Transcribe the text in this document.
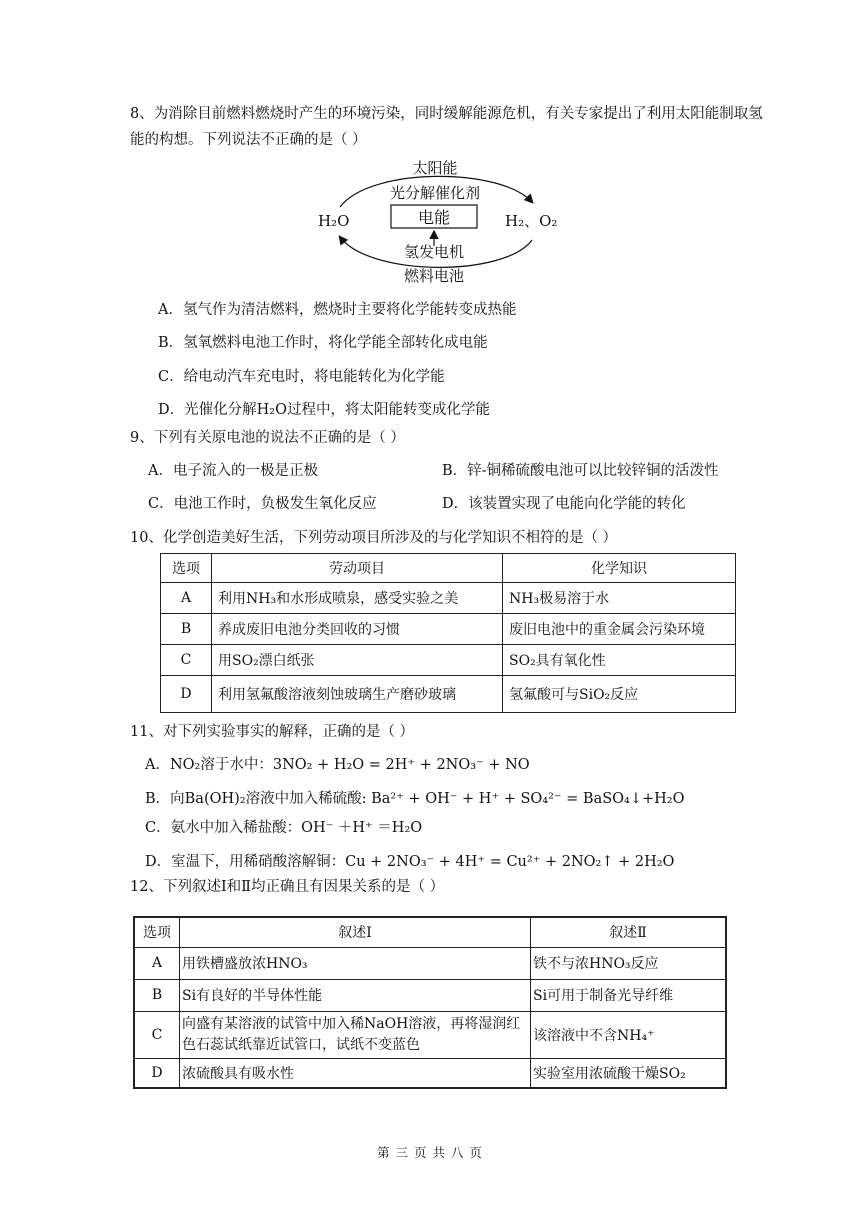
8、为消除目前燃料燃烧时产生的环境污染，同时缓解能源危机，有关专家提出了利用太阳能制取氢能的构想。下列说法不正确的是（ ）

太阳能
光分解催化剂
H₂O	电能	H₂、O₂
氢发电机
燃料电池
A．氢气作为清洁燃料，燃烧时主要将化学能转变成热能
B．氢氧燃料电池工作时，将化学能全部转化成电能
C．给电动汽车充电时，将电能转化为化学能
D．光催化分解H₂O过程中，将太阳能转变成化学能
9、下列有关原电池的说法不正确的是（ ）
A．电子流入的一极是正极	B．锌-铜稀硫酸电池可以比较锌铜的活泼性
C．电池工作时，负极发生氧化反应	D．该装置实现了电能向化学能的转化
10、化学创造美好生活，下列劳动项目所涉及的与化学知识不相符的是（ ）
选项	劳动项目	化学知识
A	利用NH₃和水形成喷泉，感受实验之美	NH₃极易溶于水
B	养成废旧电池分类回收的习惯	废旧电池中的重金属会污染环境
C	用SO₂漂白纸张	SO₂具有氧化性
D	利用氢氟酸溶液刻蚀玻璃生产磨砂玻璃	氢氟酸可与SiO₂反应
11、对下列实验事实的解释，正确的是（ ）
A．NO₂溶于水中：3NO₂ + H₂O = 2H⁺ + 2NO₃⁻ + NO
B．向Ba(OH)₂溶液中加入稀硫酸: Ba²⁺ + OH⁻ + H⁺ + SO₄²⁻ = BaSO₄↓+H₂O
C．氨水中加入稀盐酸：OH⁻ ＋H⁺ ＝H₂O
D．室温下，用稀硝酸溶解铜：Cu + 2NO₃⁻ + 4H⁺ = Cu²⁺ + 2NO₂↑ + 2H₂O
12、下列叙述Ⅰ和Ⅱ均正确且有因果关系的是（ ）
选项	叙述I	叙述Ⅱ
A	用铁槽盛放浓HNO₃	铁不与浓HNO₃反应
B	Si有良好的半导体性能	Si可用于制备光导纤维
C	向盛有某溶液的试管中加入稀NaOH溶液，再将湿润红色石蕊试纸靠近试管口，试纸不变蓝色	该溶液中不含NH₄⁺
D	浓硫酸具有吸水性	实验室用浓硫酸干燥SO₂
第 三 页 共 八 页
